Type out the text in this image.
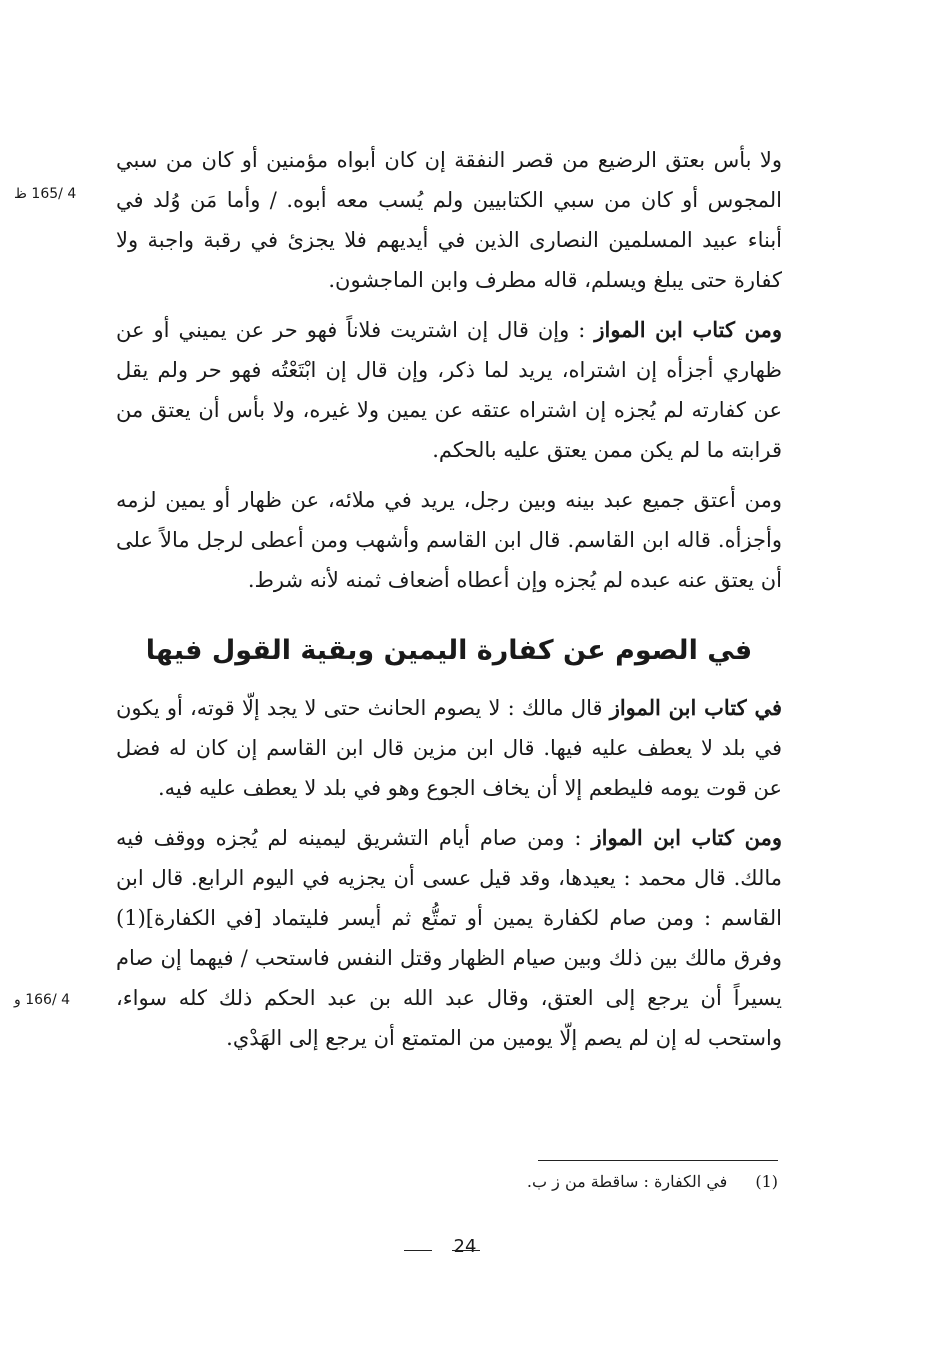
ولا بأس بعتق الرضيع من قصر النفقة إن كان أبواه مؤمنين أو كان من سبي المجوس أو كان من سبي الكتابيين ولم يُسب معه أبوه. / وأما مَن وُلد في أبناء عبيد المسلمين النصارى الذين في أيديهم فلا يجزئ في رقبة واجبة ولا كفارة حتى يبلغ ويسلم، قاله مطرف وابن الماجشون.

ومن كتاب ابن المواز : وإن قال إن اشتريت فلاناً فهو حر عن يميني أو عن ظهاري أجزأه إن اشتراه، يريد لما ذكر، وإن قال إن ابْتَعْتُه فهو حر ولم يقل عن كفارته لم يُجزه إن اشتراه عتقه عن يمين ولا غيره، ولا بأس أن يعتق من قرابته ما لم يكن ممن يعتق عليه بالحكم.

ومن أعتق جميع عبد بينه وبين رجل، يريد في ملائه، عن ظهار أو يمين لزمه وأجزأه. قاله ابن القاسم. قال ابن القاسم وأشهب ومن أعطى لرجل مالاً على أن يعتق عنه عبده لم يُجزه وإن أعطاه أضعاف ثمنه لأنه شرط.

في الصوم عن كفارة اليمين وبقية القول فيها

في كتاب ابن المواز قال مالك : لا يصوم الحانث حتى لا يجد إلّا قوته، أو يكون في بلد لا يعطف عليه فيها. قال ابن مزين قال ابن القاسم إن كان له فضل عن قوت يومه فليطعم إلا أن يخاف الجوع وهو في بلد لا يعطف عليه فيه.

ومن كتاب ابن المواز : ومن صام أيام التشريق ليمينه لم يُجزه ووقف فيه مالك. قال محمد : يعيدها، وقد قيل عسى أن يجزيه في اليوم الرابع. قال ابن القاسم : ومن صام لكفارة يمين أو تمتُّع ثم أيسر فليتماد [في الكفارة](1) وفرق مالك بين ذلك وبين صيام الظهار وقتل النفس فاستحب / فيهما إن صام يسيراً أن يرجع إلى العتق، وقال عبد الله بن عبد الحكم ذلك كله سواء، واستحب له إن لم يصم إلّا يومين من المتمتع أن يرجع إلى الهَدْي.

4 /165 ظ
4 /166 و
(1)في الكفارة : ساقطة من ز ب.
24
